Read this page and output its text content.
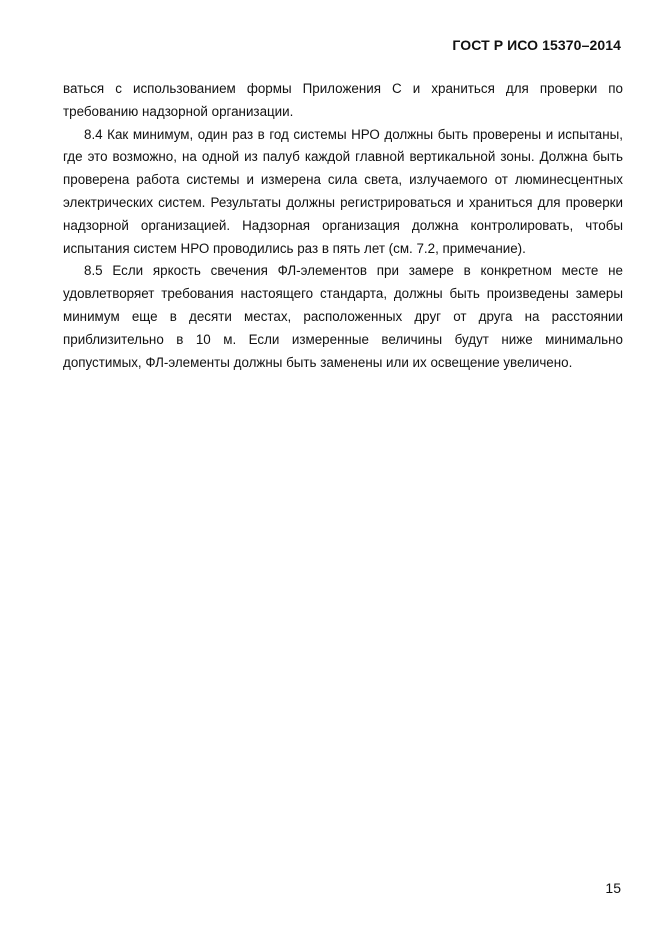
ГОСТ Р ИСО 15370–2014

ваться с использованием формы Приложения С и храниться для проверки по требованию надзорной организации.

8.4 Как минимум, один раз в год системы НРО должны быть проверены и испытаны, где это возможно, на одной из палуб каждой главной вертикальной зоны. Должна быть проверена работа системы и измерена сила света, излучаемого от люминесцентных электрических систем. Результаты должны регистрироваться и храниться для проверки надзорной организацией. Надзорная организация должна контролировать, чтобы испытания систем НРО проводились раз в пять лет (см. 7.2, примечание).

8.5 Если яркость свечения ФЛ-элементов при замере в конкретном месте не удовлетворяет требования настоящего стандарта, должны быть произведены замеры минимум еще в десяти местах, расположенных друг от друга на расстоянии приблизительно в 10 м. Если измеренные величины будут ниже минимально допустимых, ФЛ-элементы должны быть заменены или их освещение увеличено.

15
